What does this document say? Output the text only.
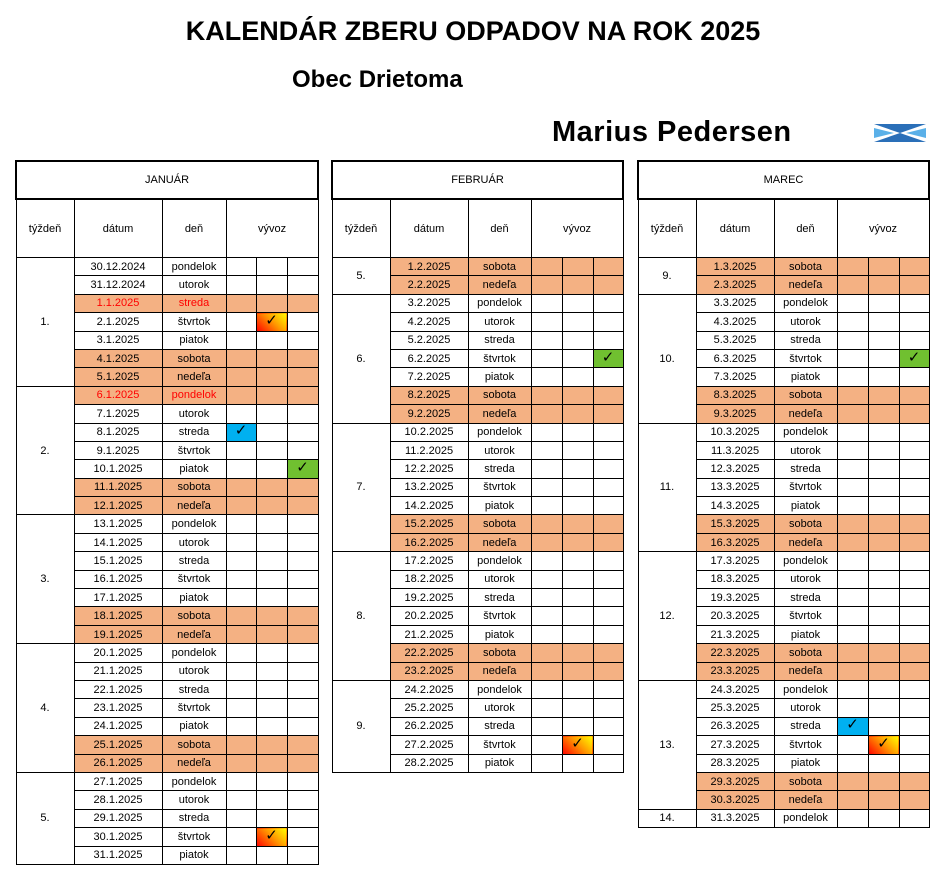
KALENDÁR ZBERU ODPADOV NA ROK 2025
Obec Drietoma
Marius Pedersen
JANUÁR					
týždeň	dátum	deň	vývoz		
1.	30.12.2024	pondelok			
	31.12.2024	utorok			
	1.1.2025	streda			
	2.1.2025	štvrtok		✓	
	3.1.2025	piatok			
	4.1.2025	sobota			
	5.1.2025	nedeľa			
2.	6.1.2025	pondelok			
	7.1.2025	utorok			
	8.1.2025	streda	✓		
	9.1.2025	štvrtok			
	10.1.2025	piatok			✓
	11.1.2025	sobota			
	12.1.2025	nedeľa			
3.	13.1.2025	pondelok			
	14.1.2025	utorok			
	15.1.2025	streda			
	16.1.2025	štvrtok			
	17.1.2025	piatok			
	18.1.2025	sobota			
	19.1.2025	nedeľa			
4.	20.1.2025	pondelok			
	21.1.2025	utorok			
	22.1.2025	streda			
	23.1.2025	štvrtok			
	24.1.2025	piatok			
	25.1.2025	sobota			
	26.1.2025	nedeľa			
5.	27.1.2025	pondelok			
	28.1.2025	utorok			
	29.1.2025	streda			
	30.1.2025	štvrtok		✓	
	31.1.2025	piatok			
FEBRUÁR					
týždeň	dátum	deň	vývoz		
5.	1.2.2025	sobota			
	2.2.2025	nedeľa			
6.	3.2.2025	pondelok			
	4.2.2025	utorok			
	5.2.2025	streda			
	6.2.2025	štvrtok			✓
	7.2.2025	piatok			
	8.2.2025	sobota			
	9.2.2025	nedeľa			
7.	10.2.2025	pondelok			
	11.2.2025	utorok			
	12.2.2025	streda			
	13.2.2025	štvrtok			
	14.2.2025	piatok			
	15.2.2025	sobota			
	16.2.2025	nedeľa			
8.	17.2.2025	pondelok			
	18.2.2025	utorok			
	19.2.2025	streda			
	20.2.2025	štvrtok			
	21.2.2025	piatok			
	22.2.2025	sobota			
	23.2.2025	nedeľa			
9.	24.2.2025	pondelok			
	25.2.2025	utorok			
	26.2.2025	streda			
	27.2.2025	štvrtok		✓	
	28.2.2025	piatok			
MAREC					
týždeň	dátum	deň	vývoz		
9.	1.3.2025	sobota			
	2.3.2025	nedeľa			
10.	3.3.2025	pondelok			
	4.3.2025	utorok			
	5.3.2025	streda			
	6.3.2025	štvrtok			✓
	7.3.2025	piatok			
	8.3.2025	sobota			
	9.3.2025	nedeľa			
11.	10.3.2025	pondelok			
	11.3.2025	utorok			
	12.3.2025	streda			
	13.3.2025	štvrtok			
	14.3.2025	piatok			
	15.3.2025	sobota			
	16.3.2025	nedeľa			
12.	17.3.2025	pondelok			
	18.3.2025	utorok			
	19.3.2025	streda			
	20.3.2025	štvrtok			
	21.3.2025	piatok			
	22.3.2025	sobota			
	23.3.2025	nedeľa			
13.	24.3.2025	pondelok			
	25.3.2025	utorok			
	26.3.2025	streda	✓		
	27.3.2025	štvrtok		✓	
	28.3.2025	piatok			
	29.3.2025	sobota			
	30.3.2025	nedeľa			
14.	31.3.2025	pondelok			
